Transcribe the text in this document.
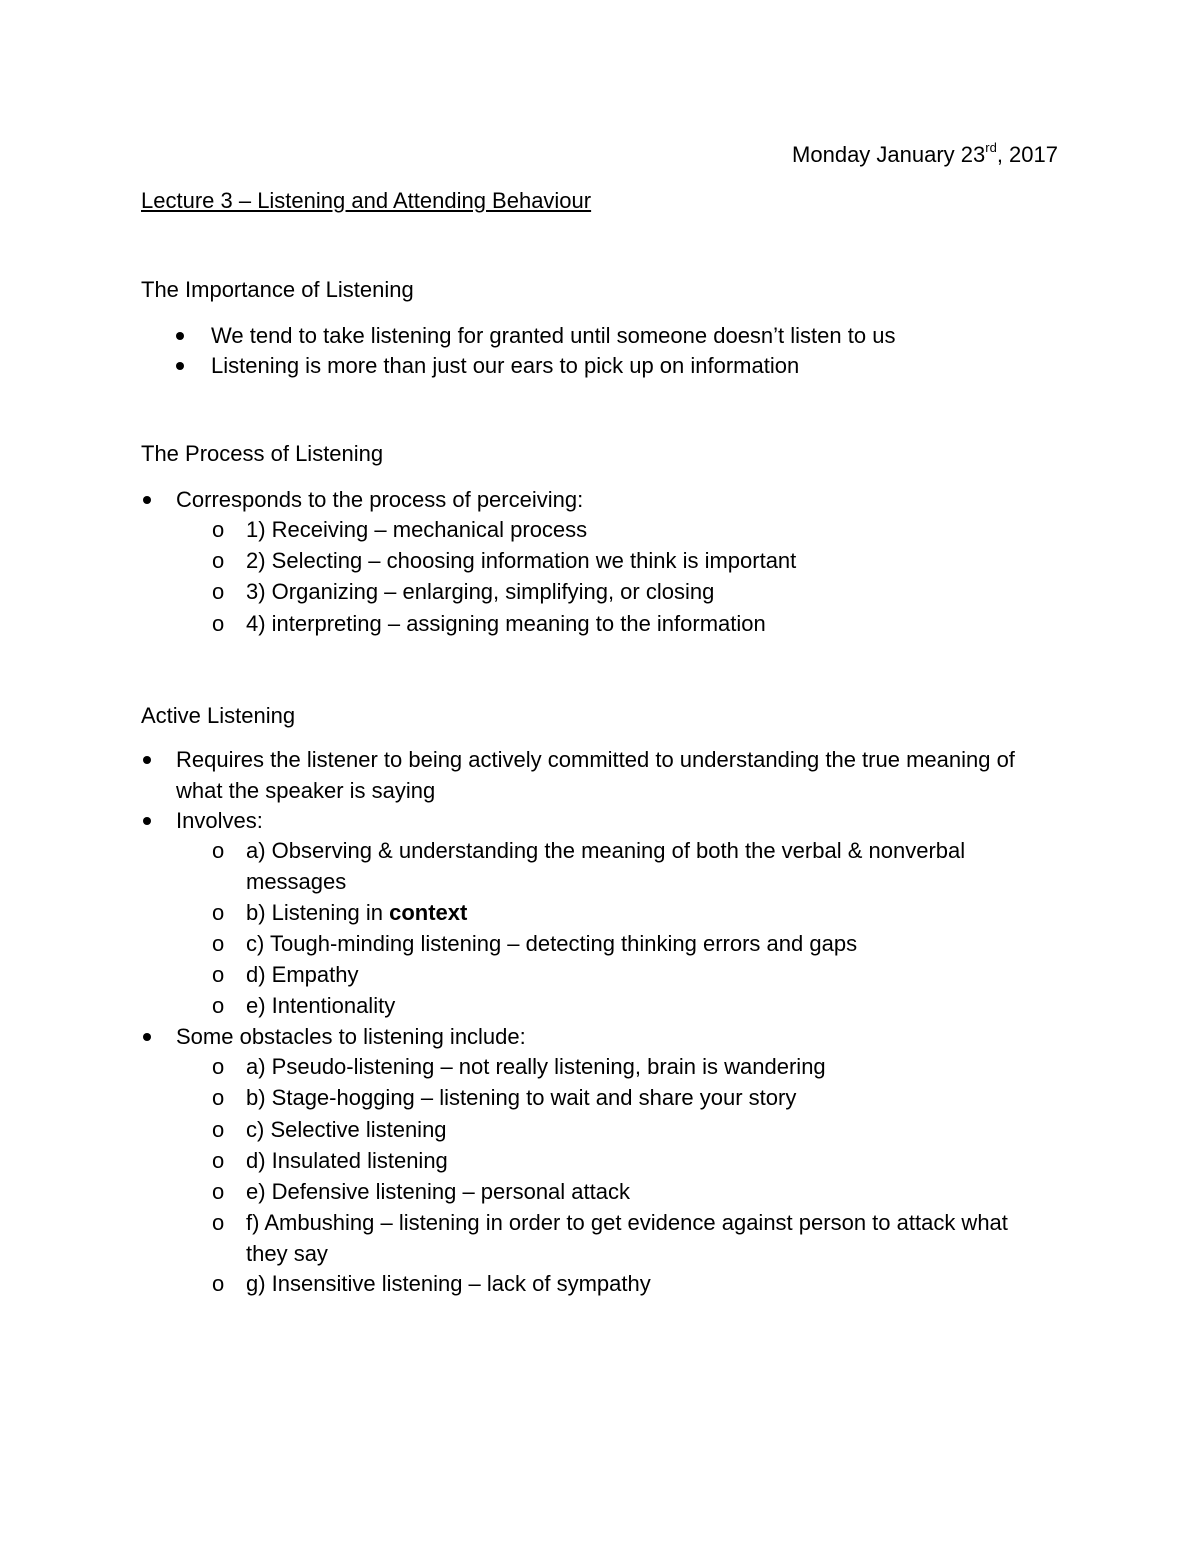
Monday January 23rd, 2017
Lecture 3 – Listening and Attending Behaviour
The Importance of Listening
We tend to take listening for granted until someone doesn’t listen to us
Listening is more than just our ears to pick up on information
The Process of Listening
Corresponds to the process of perceiving:
o 1) Receiving – mechanical process
o 2) Selecting – choosing information we think is important
o 3) Organizing – enlarging, simplifying, or closing
o 4) interpreting – assigning meaning to the information
Active Listening
Requires the listener to being actively committed to understanding the true meaning of what the speaker is saying
Involves:
o a) Observing & understanding the meaning of both the verbal & nonverbal messages
o b) Listening in context
o c) Tough-minding listening – detecting thinking errors and gaps
o d) Empathy
o e) Intentionality
Some obstacles to listening include:
o a) Pseudo-listening – not really listening, brain is wandering
o b) Stage-hogging – listening to wait and share your story
o c) Selective listening
o d) Insulated listening
o e) Defensive listening – personal attack
o f) Ambushing – listening in order to get evidence against person to attack what they say
o g) Insensitive listening – lack of sympathy
